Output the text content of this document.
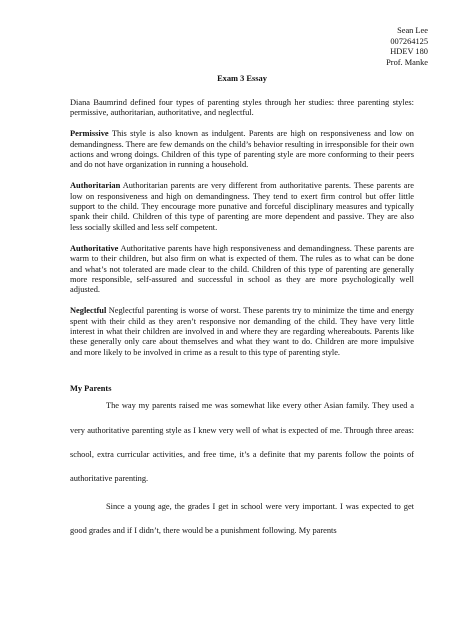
Sean Lee
007264125
HDEV 180
Prof. Manke
Exam 3 Essay

Diana Baumrind defined four types of parenting styles through her studies: three parenting styles: permissive, authoritarian, authoritative, and neglectful.

Permissive This style is also known as indulgent. Parents are high on responsiveness and low on demandingness. There are few demands on the child’s behavior resulting in irresponsible for their own actions and wrong doings. Children of this type of parenting style are more conforming to their peers and do not have organization in running a household.

Authoritarian Authoritarian parents are very different from authoritative parents. These parents are low on responsiveness and high on demandingness. They tend to exert firm control but offer little support to the child. They encourage more punative and forceful disciplinary measures and typically spank their child. Children of this type of parenting are more dependent and passive. They are also less socially skilled and less self competent.

Authoritative Authoritative parents have high responsiveness and demandingness. These parents are warm to their children, but also firm on what is expected of them. The rules as to what can be done and what’s not tolerated are made clear to the child. Children of this type of parenting are generally more responsible, self-assured and successful in school as they are more psychologically well adjusted.

Neglectful Neglectful parenting is worse of worst. These parents try to minimize the time and energy spent with their child as they aren’t responsive nor demanding of the child. They have very little interest in what their children are involved in and where they are regarding whereabouts. Parents like these generally only care about themselves and what they want to do. Children are more impulsive and more likely to be involved in crime as a result to this type of parenting style.

My Parents

The way my parents raised me was somewhat like every other Asian family. They used a very authoritative parenting style as I knew very well of what is expected of me. Through three areas: school, extra curricular activities, and free time, it’s a definite that my parents follow the points of authoritative parenting.

Since a young age, the grades I get in school were very important. I was expected to get good grades and if I didn’t, there would be a punishment following. My parents
